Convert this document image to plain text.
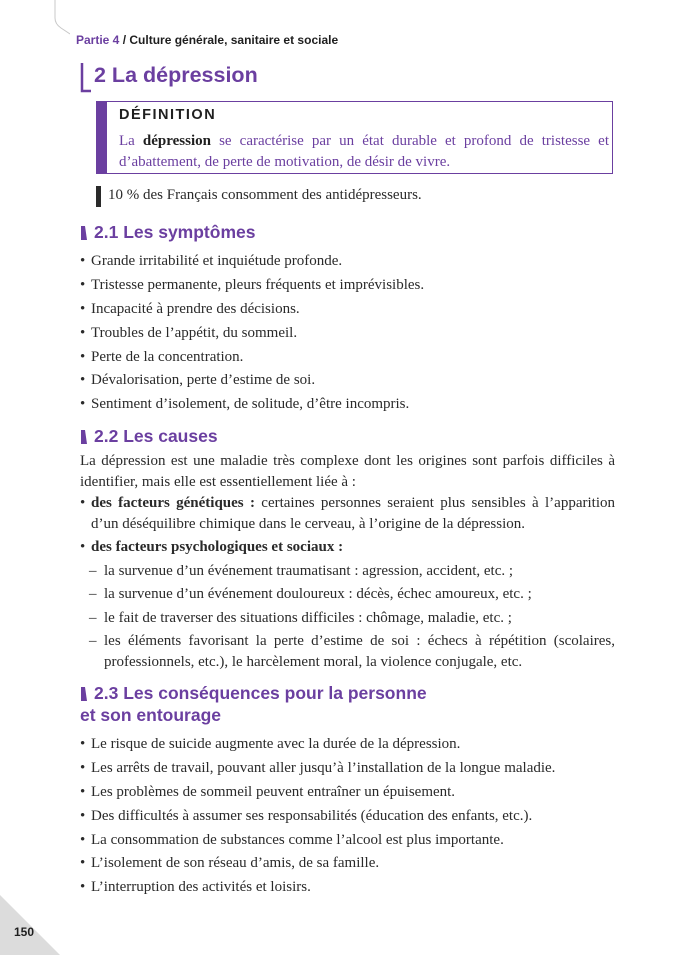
Partie 4 / Culture générale, sanitaire et sociale
2 La dépression
DÉFINITION
La dépression se caractérise par un état durable et profond de tristesse et d’abattement, de perte de motivation, de désir de vivre.
10 % des Français consomment des antidépresseurs.
2.1 Les symptômes
• Grande irritabilité et inquiétude profonde.
• Tristesse permanente, pleurs fréquents et imprévisibles.
• Incapacité à prendre des décisions.
• Troubles de l’appétit, du sommeil.
• Perte de la concentration.
• Dévalorisation, perte d’estime de soi.
• Sentiment d’isolement, de solitude, d’être incompris.
2.2 Les causes
La dépression est une maladie très complexe dont les origines sont parfois difficiles à identifier, mais elle est essentiellement liée à :
• des facteurs génétiques : certaines personnes seraient plus sensibles à l’apparition d’un déséquilibre chimique dans le cerveau, à l’origine de la dépression.
• des facteurs psychologiques et sociaux :
– la survenue d’un événement traumatisant : agression, accident, etc. ;
– la survenue d’un événement douloureux : décès, échec amoureux, etc. ;
– le fait de traverser des situations difficiles : chômage, maladie, etc. ;
– les éléments favorisant la perte d’estime de soi : échecs à répétition (scolaires, professionnels, etc.), le harcèlement moral, la violence conjugale, etc.
2.3 Les conséquences pour la personne
et son entourage
• Le risque de suicide augmente avec la durée de la dépression.
• Les arrêts de travail, pouvant aller jusqu’à l’installation de la longue maladie.
• Les problèmes de sommeil peuvent entraîner un épuisement.
• Des difficultés à assumer ses responsabilités (éducation des enfants, etc.).
• La consommation de substances comme l’alcool est plus importante.
• L’isolement de son réseau d’amis, de sa famille.
• L’interruption des activités et loisirs.
150
